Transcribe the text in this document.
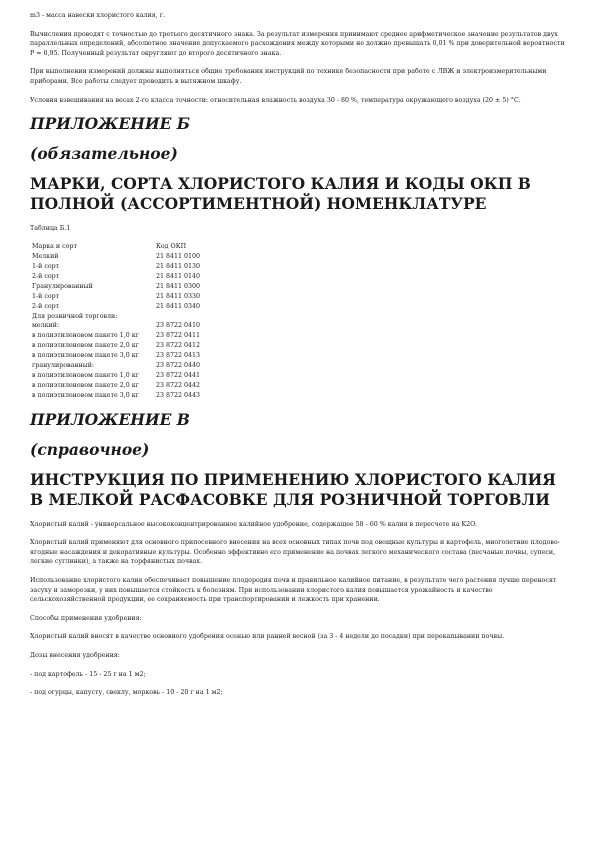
m3 - масса навески хлористого калия, г.

Вычисления проводят с точностью до третьего десятичного знака. За результат измерения принимают среднее арифметическое значение результатов двух параллельных определений, абсолютное значение допускаемого расхождения между которыми не должно превышать 0,01 % при доверительной вероятности P = 0,95. Полученный результат округляют до второго десятичного знака.

При выполнении измерений должны выполняться общие требования инструкций по технике безопасности при работе с ЛВЖ и электроизмерительными приборами. Все работы следует проводить в вытяжном шкафу.

Условия взвешивания на весах 2-го класса точности: относительная влажность воздуха 30 - 80 %, температура окружающего воздуха (20 ± 5) °С.

ПРИЛОЖЕНИЕ Б
(обязательное)
МАРКИ, СОРТА ХЛОРИСТОГО КАЛИЯ И КОДЫ ОКП В ПОЛНОЙ (АССОРТИМЕНТНОЙ) НОМЕНКЛАТУРЕ

Таблица Б.1

Марка и сорт	Код ОКП
Мелкий	21 8411 0100
1-й сорт	21 8411 0130
2-й сорт	21 8411 0140
Гранулированный	21 8411 0300
1-й сорт	21 8411 0330
2-й сорт	21 8411 0340
Для розничной торговли:	
мелкий:	23 8722 0410
в полиэтиленовом пакете 1,0 кг	23 8722 0411
в полиэтиленовом пакете 2,0 кг	23 8722 0412
в полиэтиленовом пакете 3,0 кг	23 8722 0413
гранулированный:	23 8722 0440
в полиэтиленовом пакете 1,0 кг	23 8722 0441
в полиэтиленовом пакете 2,0 кг	23 8722 0442
в полиэтиленовом пакете 3,0 кг	23 8722 0443
ПРИЛОЖЕНИЕ В
(справочное)
ИНСТРУКЦИЯ ПО ПРИМЕНЕНИЮ ХЛОРИСТОГО КАЛИЯ В МЕЛКОЙ РАСФАСОВКЕ ДЛЯ РОЗНИЧНОЙ ТОРГОВЛИ

Хлористый калий - универсальное высококонцентрированное калийное удобрение, содержащее 58 - 60 % калия в пересчете на K2O.

Хлористый калий применяют для основного припосевного внесения на всех основных типах почв под овощные культуры и картофель, многолетние плодово-ягодные насаждения и декоративные культуры. Особенно эффективно его применение на почвах легкого механического состава (песчаные почвы, супеси, легкие суглинки), а также на торфянистых почвах.

Использование хлористого калия обеспечивает повышение плодородия почв и правильное калийное питание, в результате чего растения лучше переносят засуху и заморозки, у них повышается стойкость к болезням. При использовании хлористого калия повышается урожайность и качество сельскохозяйственной продукции, ее сохраняемость при транспортировании и лежкость при хранении.

Способы применения удобрения:

Хлористый калий вносят в качестве основного удобрения осенью или ранней весной (за 3 - 4 недели до посадки) при перекапывании почвы.

Дозы внесения удобрения:

- под картофель - 15 - 25 г на 1 м2;

- под огурцы, капусту, свеклу, морковь - 10 - 20 г на 1 м2;
